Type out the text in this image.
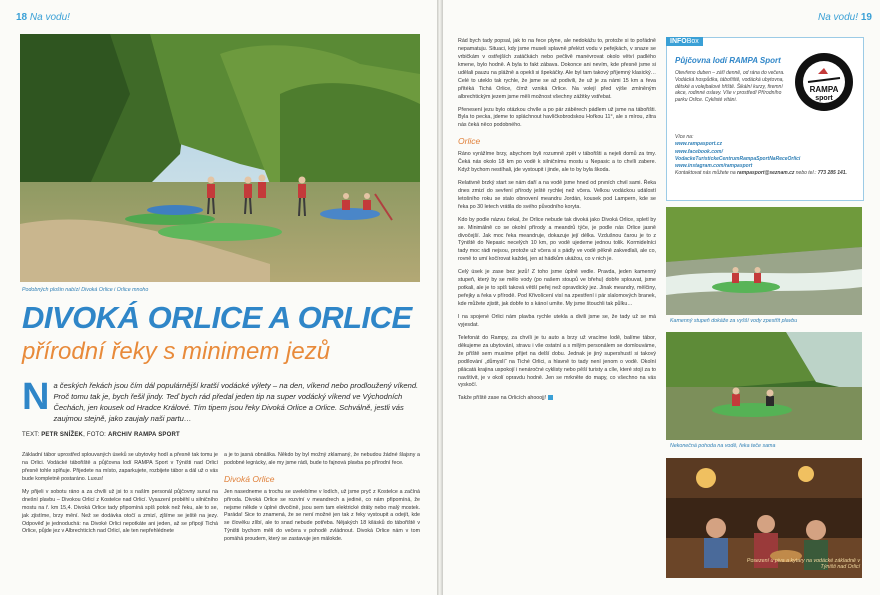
18 Na vodu!
Podobných plošin nabízí Divoká Orlice i Orlice mnoho
DIVOKÁ ORLICE A ORLICE
přírodní řeky s minimem jezů
N a českých řekách jsou čím dál populárnější kratší vodácké výlety – na den, víkend nebo prodloužený víkend. Proč tomu tak je, bych řešil jindy. Teď bych rád předal jeden tip na super vodácký víkend ve Východních Čechách, jen kousek od Hradce Králové. Tím tipem jsou řeky Divoká Orlice a Orlice. Schválně, jestli vás zaujmou stejně, jako zaujaly naši partu…
TEXT: PETR SNÍŽEK, FOTO: ARCHIV RAMPA SPORT

Základní tábor uprostřed splouvaných úseků se ubytovky hodí a přesně tak tomu je na Orlici. Vodácké tábořiště a půjčovna lodí RAMPA Sport v Týništi nad Orlicí přesně tohle splňuje. Přijedete na místo, zaparkujete, rozbijete tábor a dál už o vás bude kompletně postaráno. Luxus!

My přijeli v sobotu ráno a za chvíli už jsi to s naším personál půjčovny sunul na dnešní plavbu – Divokou Orlicí z Kostelce nad Orlicí. Vysazení proběhl u silničního mostu na ř. km 15,4. Divoká Orlice tady připomíná spíš potok než řeku, ale to se, jak zjistíme, brzy mění. Než se dodávka otočí a zmizí, zjšíme se ještě na jezy. Odpověď je jednoduchá: na Divoké Orlici nepotkáte ani jeden, až se připojí Tichá Orlice, půjde jez v Albrechticích nad Orlicí, ale ten nepřehlédnete

a je to jasná obnáška. Někdo by byl možný zklamaný, že nebudou žádné šlajsny a podobné legrácky, ale my jsme rádi, bude to fajnová plavba po přírodní řece.

Divoká Orlice

Jen nasedneme a trochu se uvelebíme v lodích, už jsme pryč z Kostelce a začíná příroda. Divoká Orlice se rozvíní v meandrech a jediné, co nám připomíná, že nejsme někde v úplné divočině, jsou sem tam elektrické dráty nebo malý mostek. Paráda! Sice to znamená, že se není možné jen tak z řeky vystoupit a odejít, kde se člověku zlíbí, ale to snad nebude potřeba. Nějakých 18 kilásků do tábořiště v Týništi bychom měli do večera v pohodě zvládnout. Divoká Orlice nám v tom pomáhá proudem, který se zastavuje jen málokde.

Na vodu! 19

Rád bych tady popsal, jak to na řece plyne, ale nedokážu to, protože si to pořádně nepamatuju. Situaci, kdy jsme museli splavně přelézt vodu v peřejkách, v snaze se vrbičkám v ostřejších zatáčkách nebo pečlivě manévrovat okolo větví padlého kmene, bylo hodně. A byla to fakt zábava. Dokonce ani nevím, kde přesně jsme si udělali pauzu na plážně a opekli si špekáčky. Ale byl tam takový příjemný klasický… Celé to uteklo tak rychle, že jsme se až podivili, že už je za námi 15 km a řeva přítéká Tichá Orlice, čímž vzniká Orlice. Na volejí před výše zmíněným albrechtickým jezem jsme měli možnost všechny zážitky vstřebat.

Přenesení jezu bylo otázkou chvíle a po pár záběrech pádlem už jsme na tábořišti. Byla to pecka, jdeme to spláchnout havlíčkobrodskou Hořkou 11°, ale s mírou, zítra nás čeká něco podobného.

Orlice

Ráno vyrážíme brzy, abychom byli rozumně zpět v tábořišti a nejeli domů za tmy. Čeká nás okolo 18 km po vodě k silničnímu mostu u Nepasic a to chvíli zabere. Když bychom nestíhali, jde vystoupit i jinde, ale to by byla škoda.

Relativně brzký start se nám daří a na vodě jsme hned od prvních chvil sami. Řeka dnes zmizí do sevření přírody ještě rychlej než včera. Velkou vodáckou událostí letošního roku se stalo obnovení meandru Jordán, kousek pod Lampern, kde se řeka po 30 letech vrátila do svého původního koryta.

Kdo by podle názvu čekal, že Orlice nebude tak divoká jako Divoká Orlice, spletl by se. Minimálně co se okolní přírody a meandrů týče, je podle nás Orlice jasně divočejší. Jak moc řeka meandruje, dokazuje její délka. Vzdušnou čarou je to z Týniště do Nepasic necelých 10 km, po vodě ujedeme jednou tolik. Kormidelníci tady moc rádi nejsou, protože už včera si s pádly ve vodě pěkně zakvedlali, ale co, rovně to umí kočírovat každej, jen at hádkům ukážou, co v nich je.

Celý úsek je zase bez jezů! Z toho jsme úplně vedle. Pravda, jeden kamenný stupeň, který by se mělo vody (po našem stoupů ve břehu) dobře splouvat, jsme potkali, ale je to spíš taková větší peřej než opravdický jez. Jinak meandry, mělčiny, peřejky a řeka v přírodě. Pod Křivolícení visí na zpestření i pár slalomových branek, kde můžete zjistit, jak dobře to s kánoí umíte. My jsme štouchli tak půlku…

I na spojené Orlici nám plavba rychle utekla a divili jsme se, že tady už se má vyjesdat.

Telefonát do Rampy, za chvíli je tu auto a brzy už vracíme lodě, balíme tábor, děkujeme za ubytování, stravu i vše ostatní a s milým personálem se domlouváme, že příště sem musíme přijet na delší dobu. Jednak je jiný supershustí si takový podílování „důmyslí“ na Tiché Orlici, a hlavně to tady není jenom o vodě. Okolní pilácatá krajina uspokojí i nenáročné cyklisty nebo pěší turisty a cíle, které stojí za to navštívit, je v okolí opravdu hodně. Jen se mrkněte do mapy, co všechno na vás vyskočí.

Takže příště zase na Orlicích ahooojj!

INFOBox
Půjčovna lodí RAMPA Sport
Otevřeno duben – září denně, od rána do večera. Vodácká hospůdka, tábořiště, vodácká ubytovna, dětské a volejbalové hřiště. Šikální kurzy, firemní akce, rodinné oslavy. Vše v prostředí Přírodního parku Orlice. Cyklisté vítáni.
RAMPA
sport
Více na:
www.rampasport.cz
www.facebook.com/
VodackeTuristickeCentrumRampaSportNaReceOrlici
www.instagram.com/rampasport
Kontaktovat nás můžete na rampasport@seznam.cz nebo tel.: 773 285 141.
Kamenný stupeň dokáže za vyšší vody zpestřit plavbu
Nekonečná pohoda na vodě, řeka teče sama
Posezení u piva a kytary na vodácké základně v Týništi nad Orlicí
